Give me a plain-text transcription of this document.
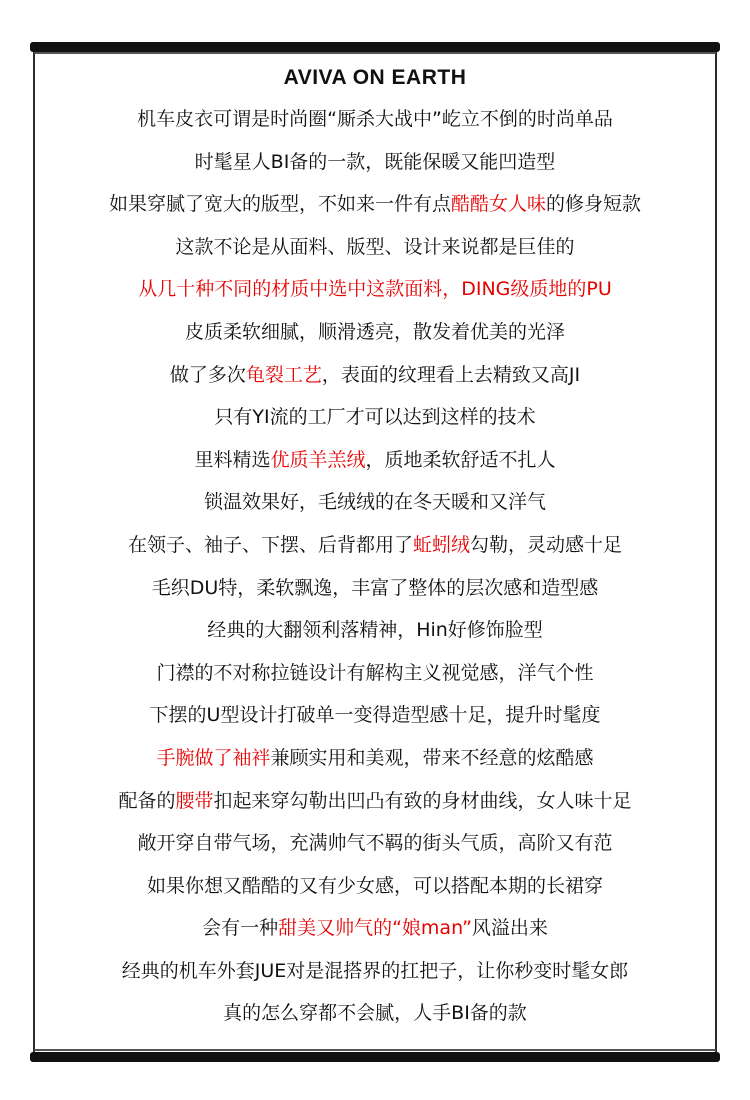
AVIVA ON EARTH
机车皮衣可谓是时尚圈“厮杀大战中”屹立不倒的时尚单品
时髦星人BI备的一款，既能保暖又能凹造型
如果穿腻了宽大的版型，不如来一件有点酷酷女人味的修身短款
这款不论是从面料、版型、设计来说都是巨佳的
从几十种不同的材质中选中这款面料，DING级质地的PU
皮质柔软细腻，顺滑透亮，散发着优美的光泽
做了多次龟裂工艺，表面的纹理看上去精致又高JI
只有YI流的工厂才可以达到这样的技术
里料精选优质羊羔绒，质地柔软舒适不扎人
锁温效果好，毛绒绒的在冬天暖和又洋气
在领子、袖子、下摆、后背都用了蚯蚓绒勾勒，灵动感十足
毛织DU特，柔软飘逸，丰富了整体的层次感和造型感
经典的大翻领利落精神，Hin好修饰脸型
门襟的不对称拉链设计有解构主义视觉感，洋气个性
下摆的U型设计打破单一变得造型感十足，提升时髦度
手腕做了袖袢兼顾实用和美观，带来不经意的炫酷感
配备的腰带扣起来穿勾勒出凹凸有致的身材曲线，女人味十足
敞开穿自带气场，充满帅气不羁的街头气质，高阶又有范
如果你想又酷酷的又有少女感，可以搭配本期的长裙穿
会有一种甜美又帅气的“娘man”风溢出来
经典的机车外套JUE对是混搭界的扛把子，让你秒变时髦女郎
真的怎么穿都不会腻，人手BI备的款
